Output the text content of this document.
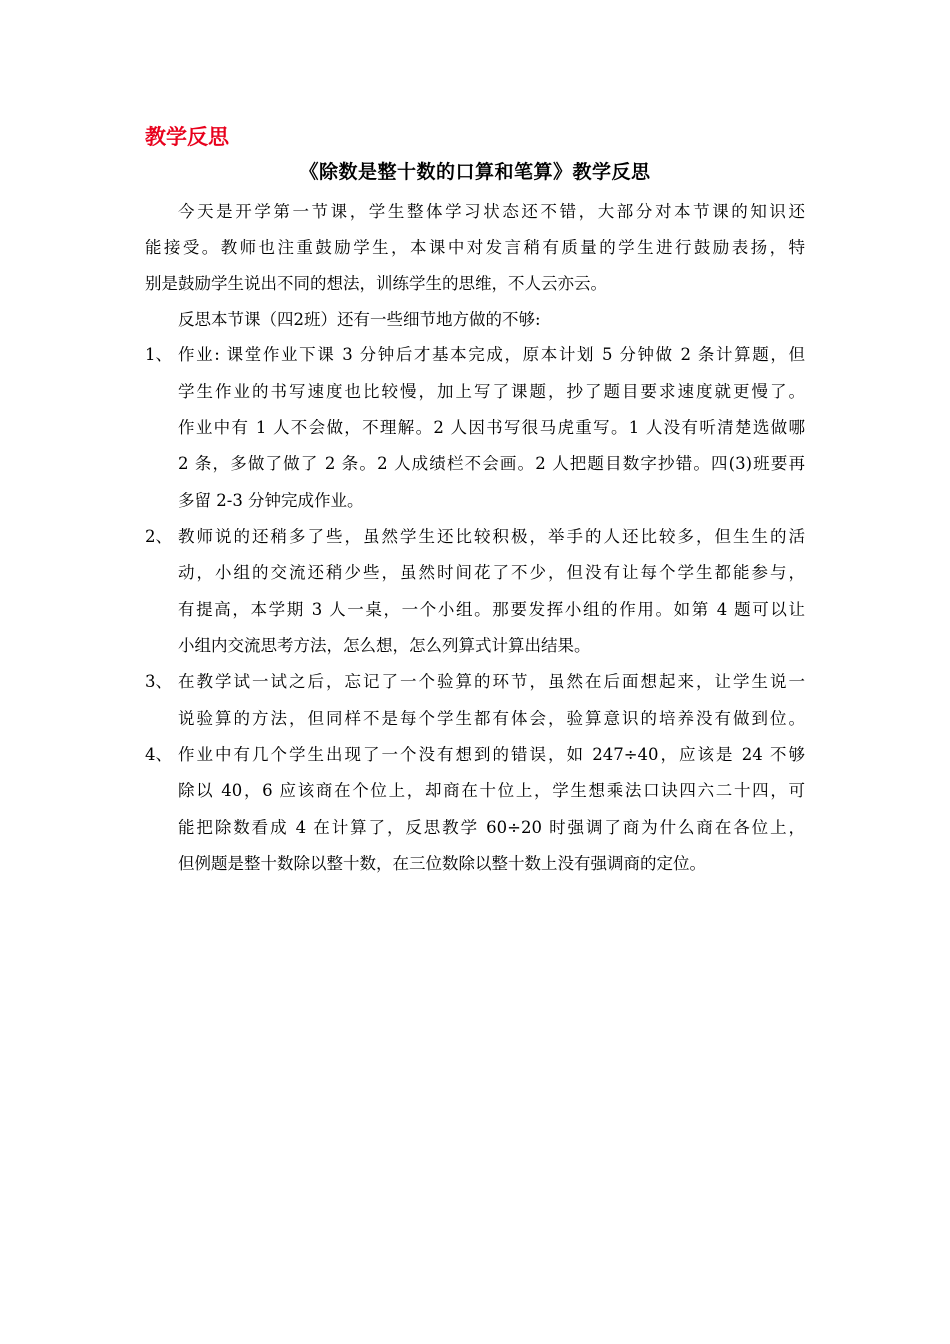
教学反思
《除数是整十数的口算和笔算》教学反思
今天是开学第一节课，学生整体学习状态还不错，大部分对本节课的知识还
能接受。教师也注重鼓励学生，本课中对发言稍有质量的学生进行鼓励表扬，特
别是鼓励学生说出不同的想法，训练学生的思维，不人云亦云。
反思本节课（四2班）还有一些细节地方做的不够:
1、 作业: 课堂作业下课 3 分钟后才基本完成，原本计划 5 分钟做 2 条计算题，但
学生作业的书写速度也比较慢，加上写了课题，抄了题目要求速度就更慢了。
作业中有 1 人不会做，不理解。2 人因书写很马虎重写。1 人没有听清楚选做哪
2 条，多做了做了 2 条。2 人成绩栏不会画。2 人把题目数字抄错。四(3)班要再
多留 2-3 分钟完成作业。
2、 教师说的还稍多了些，虽然学生还比较积极，举手的人还比较多，但生生的活
动，小组的交流还稍少些，虽然时间花了不少，但没有让每个学生都能参与，
有提高，本学期 3 人一桌，一个小组。那要发挥小组的作用。如第 4 题可以让
小组内交流思考方法，怎么想，怎么列算式计算出结果。
3、 在教学试一试之后，忘记了一个验算的环节，虽然在后面想起来，让学生说一
说验算的方法，但同样不是每个学生都有体会，验算意识的培养没有做到位。
4、 作业中有几个学生出现了一个没有想到的错误，如 247÷40，应该是 24 不够
除以 40，6 应该商在个位上，却商在十位上，学生想乘法口诀四六二十四，可
能把除数看成 4 在计算了，反思教学 60÷20 时强调了商为什么商在各位上，
但例题是整十数除以整十数，在三位数除以整十数上没有强调商的定位。
